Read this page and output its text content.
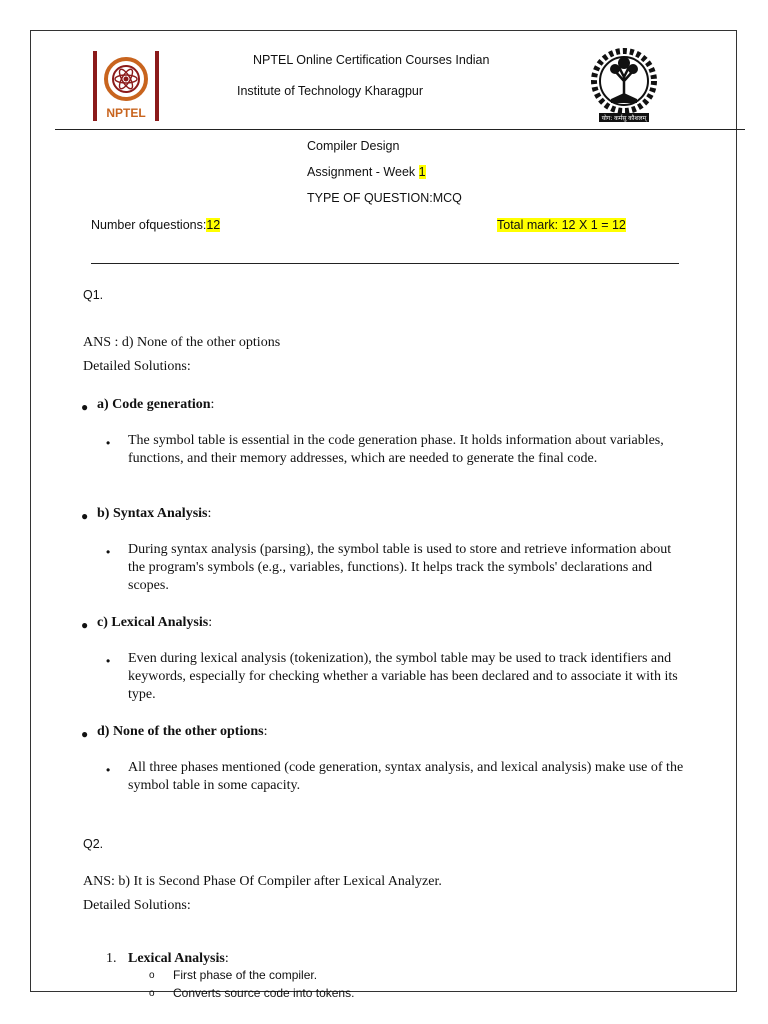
NPTEL
NPTEL Online Certification Courses Indian
Institute of Technology Kharagpur
योग: कर्मसु कौशलम्
Compiler Design
Assignment - Week 1
TYPE OF QUESTION:MCQ
Number ofquestions:12	Total mark: 12 X 1 = 12
Q1.
ANS : d) None of the other options
Detailed Solutions:
● a) Code generation:
• The symbol table is essential in the code generation phase. It holds information about variables, functions, and their memory addresses, which are needed to generate the final code.
● b) Syntax Analysis:
• During syntax analysis (parsing), the symbol table is used to store and retrieve information about the program's symbols (e.g., variables, functions). It helps track the symbols' declarations and scopes.
● c) Lexical Analysis:
• Even during lexical analysis (tokenization), the symbol table may be used to track identifiers and keywords, especially for checking whether a variable has been declared and to associate it with its type.
● d) None of the other options:
• All three phases mentioned (code generation, syntax analysis, and lexical analysis) make use of the symbol table in some capacity.
Q2.
ANS: b) It is Second Phase Of Compiler after Lexical Analyzer.
Detailed Solutions:
1. Lexical Analysis:
o First phase of the compiler.
o Converts source code into tokens.
